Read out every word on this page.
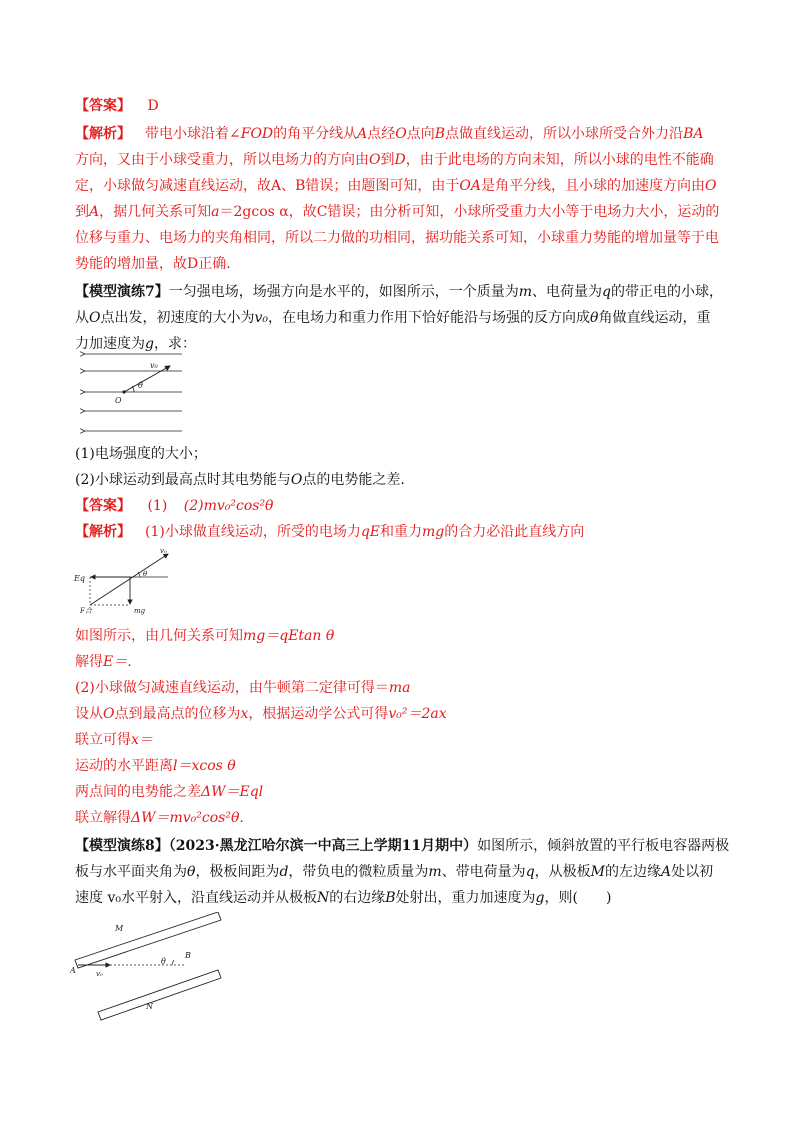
【答案】 D
【解析】 带电小球沿着∠FOD的角平分线从A点经O点向B点做直线运动，所以小球所受合外力沿BA
方向，又由于小球受重力，所以电场力的方向由O到D，由于此电场的方向未知，所以小球的电性不能确
定，小球做匀减速直线运动，故A、B错误；由题图可知，由于OA是角平分线，且小球的加速度方向由O
到A，据几何关系可知a＝2gcos α，故C错误；由分析可知，小球所受重力大小等于电场力大小，运动的
位移与重力、电场力的夹角相同，所以二力做的功相同，据功能关系可知，小球重力势能的增加量等于电
势能的增加量，故D正确.
【模型演练7】一匀强电场，场强方向是水平的，如图所示，一个质量为m、电荷量为q的带正电的小球，
从O点出发，初速度的大小为v₀，在电场力和重力作用下恰好能沿与场强的反方向成θ角做直线运动，重
力加速度为g，求：
v₀
θ
O
(1)电场强度的大小；
(2)小球运动到最高点时其电势能与O点的电势能之差.
【答案】 (1) (2)mv₀²cos²θ
【解析】 (1)小球做直线运动，所受的电场力qE和重力mg的合力必沿此直线方向
v₀
Eq	θ
F合	mg
如图所示，由几何关系可知mg＝qEtan θ
解得E＝.
(2)小球做匀减速直线运动，由牛顿第二定律可得＝ma
设从O点到最高点的位移为x，根据运动学公式可得v₀²＝2ax
联立可得x＝
运动的水平距离l＝xcos θ
两点间的电势能之差ΔW＝Eql
联立解得ΔW＝mv₀²cos²θ.
【模型演练8】（2023·黑龙江哈尔滨一中高三上学期11月期中）如图所示，倾斜放置的平行板电容器两极
板与水平面夹角为θ，极板间距为d，带负电的微粒质量为m、带电荷量为q，从极板M的左边缘A处以初
速度 v₀水平射入，沿直线运动并从极板N的右边缘B处射出，重力加速度为g，则(　　)
M
B
A	v₀
θ
N
